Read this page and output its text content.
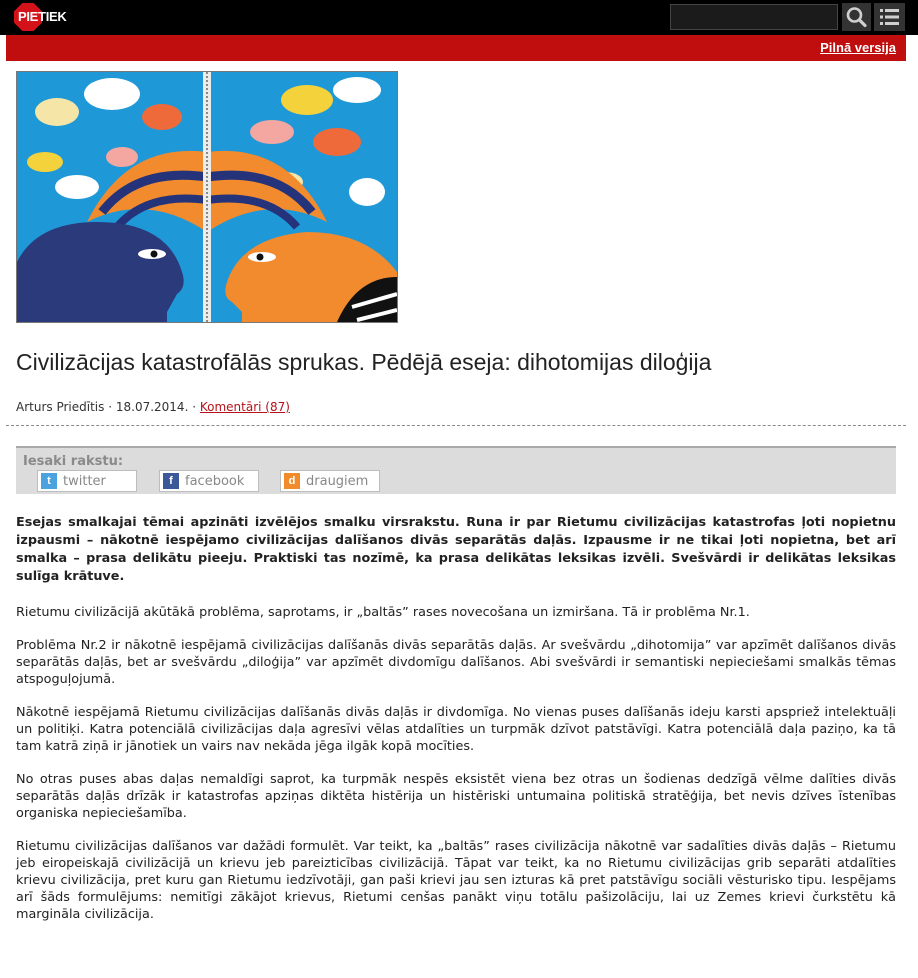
PIETIEK
Pilnā versija
Civilizācijas katastrofālās sprukas. Pēdējā eseja: dihotomijas diloģija
Arturs Priedītis · 18.07.2014. · Komentāri (87)
Iesaki rakstu:
t twitter	f facebook	d draugiem

Esejas smalkajai tēmai apzināti izvēlējos smalku virsrakstu. Runa ir par Rietumu civilizācijas katastrofas ļoti nopietnu izpausmi – nākotnē iespējamo civilizācijas dalīšanos divās separātās daļās. Izpausme ir ne tikai ļoti nopietna, bet arī smalka – prasa delikātu pieeju. Praktiski tas nozīmē, ka prasa delikātas leksikas izvēli. Svešvārdi ir delikātas leksikas sulīga krātuve.

Rietumu civilizācijā akūtākā problēma, saprotams, ir „baltās” rases novecošana un izmiršana. Tā ir problēma Nr.1.

Problēma Nr.2 ir nākotnē iespējamā civilizācijas dalīšanās divās separātās daļās. Ar svešvārdu „dihotomija” var apzīmēt dalīšanos divās separātās daļās, bet ar svešvārdu „diloģija” var apzīmēt divdomīgu dalīšanos. Abi svešvārdi ir semantiski nepieciešami smalkās tēmas atspoguļojumā.

Nākotnē iespējamā Rietumu civilizācijas dalīšanās divās daļās ir divdomīga. No vienas puses dalīšanās ideju karsti apspriež intelektuāļi un politiķi. Katra potenciālā civilizācijas daļa agresīvi vēlas atdalīties un turpmāk dzīvot patstāvīgi. Katra potenciālā daļa paziņo, ka tā tam katrā ziņā ir jānotiek un vairs nav nekāda jēga ilgāk kopā mocīties.

No otras puses abas daļas nemaldīgi saprot, ka turpmāk nespēs eksistēt viena bez otras un šodienas dedzīgā vēlme dalīties divās separātās daļās drīzāk ir katastrofas apziņas diktēta histērija un histēriski untumaina politiskā stratēģija, bet nevis dzīves īstenības organiska nepieciešamība.

Rietumu civilizācijas dalīšanos var dažādi formulēt. Var teikt, ka „baltās” rases civilizācija nākotnē var sadalīties divās daļās – Rietumu jeb eiropeiskajā civilizācijā un krievu jeb pareizticības civilizācijā. Tāpat var teikt, ka no Rietumu civilizācijas grib separāti atdalīties krievu civilizācija, pret kuru gan Rietumu iedzīvotāji, gan paši krievi jau sen izturas kā pret patstāvīgu sociāli vēsturisko tipu. Iespējams arī šāds formulējums: nemitīgi zākājot krievus, Rietumi cenšas panākt viņu totālu pašizolāciju, lai uz Zemes krievi čurkstētu kā margināla civilizācija.
